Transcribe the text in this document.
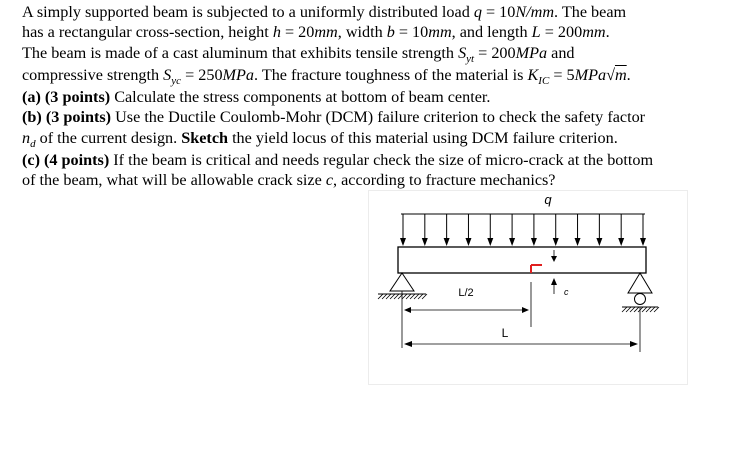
A simply supported beam is subjected to a uniformly distributed load q = 10N/mm. The beam

has a rectangular cross-section, height h = 20mm, width b = 10mm, and length L = 200mm.

The beam is made of a cast aluminum that exhibits tensile strength $S_{yt} = 200MPa$ and

compressive strength $S_{yc} = 250MPa$. The fracture toughness of the material is $K_{IC} = 5MPa√m$.

(a) (3 points) Calculate the stress components at bottom of beam center.

(b) (3 points) Use the Ductile Coulomb-Mohr (DCM) failure criterion to check the safety factor

$n_d$ of the current design. Sketch the yield locus of this material using DCM failure criterion.

(c) (4 points) If the beam is critical and needs regular check the size of micro-crack at the bottom

of the beam, what will be allowable crack size c, according to fracture mechanics?

q
c
L/2
L
